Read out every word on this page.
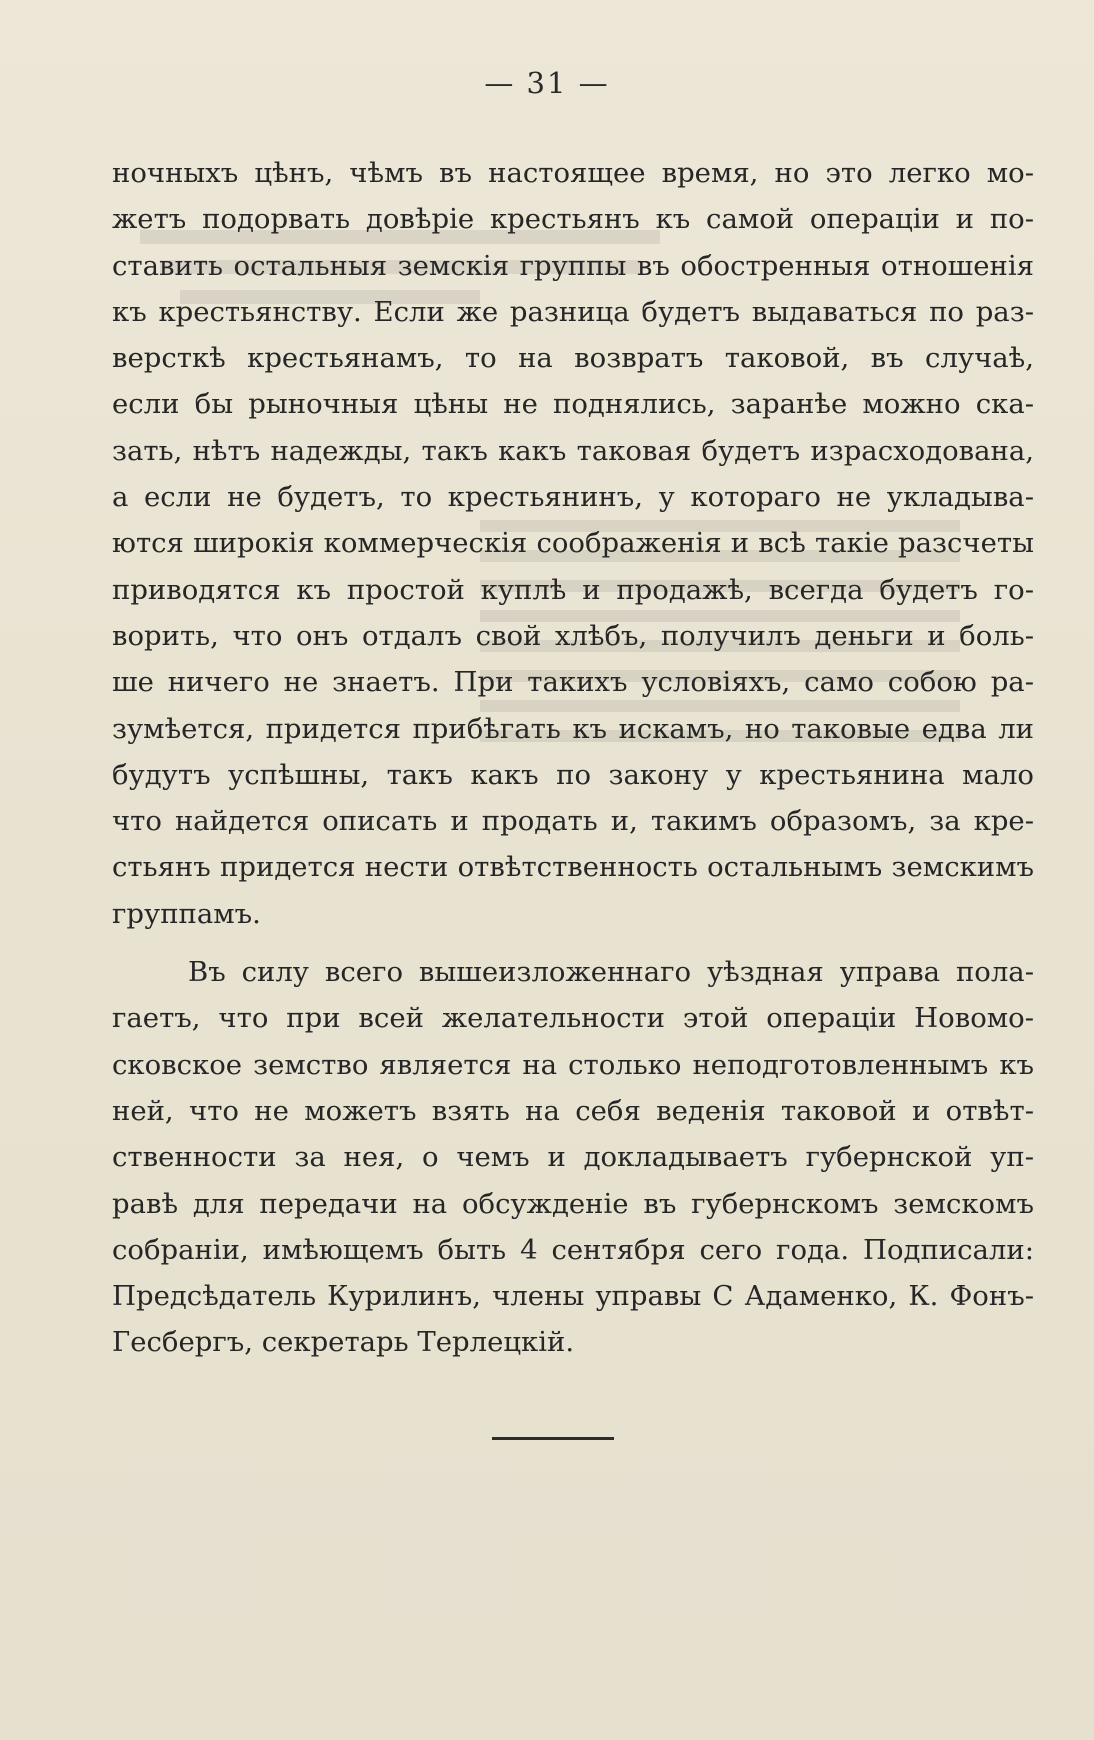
— 31 —
ночныхъ цѣнъ, чѣмъ въ настоящее время, но это легко мо-
жетъ подорвать довѣріе крестьянъ къ самой операціи и по-
ставить остальныя земскія группы въ обостренныя отношенія
къ крестьянству. Если же разница будетъ выдаваться по раз-
версткѣ крестьянамъ, то на возвратъ таковой, въ случаѣ,
если бы рыночныя цѣны не поднялись, заранѣе можно ска-
зать, нѣтъ надежды, такъ какъ таковая будетъ израсходована,
а если не будетъ, то крестьянинъ, у котораго не укладыва-
ются широкія коммерческія соображенія и всѣ такіе разсчеты
приводятся къ простой куплѣ и продажѣ, всегда будетъ го-
ворить, что онъ отдалъ свой хлѣбъ, получилъ деньги и боль-
ше ничего не знаетъ. При такихъ условіяхъ, само собою ра-
зумѣется, придется прибѣгать къ искамъ, но таковые едва ли
будутъ успѣшны, такъ какъ по закону у крестьянина мало
что найдется описать и продать и, такимъ образомъ, за кре-
стьянъ придется нести отвѣтственность остальнымъ земскимъ
группамъ.
Въ силу всего вышеизложеннаго уѣздная управа пола-
гаетъ, что при всей желательности этой операціи Новомо-
сковское земство является на столько неподготовленнымъ къ
ней, что не можетъ взять на себя веденія таковой и отвѣт-
ственности за нея, о чемъ и докладываетъ губернской уп-
равѣ для передачи на обсужденіе въ губернскомъ земскомъ
собраніи, имѣющемъ быть 4 сентября сего года. Подписали:
Предсѣдатель Курилинъ, члены управы С Адаменко, К. Фонъ-
Гесбергъ, секретарь Терлецкій.
